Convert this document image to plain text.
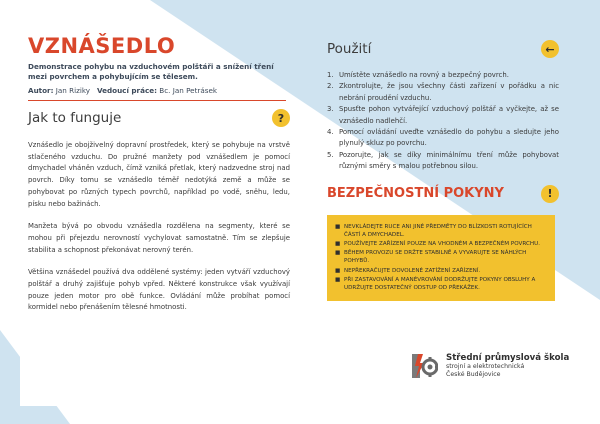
VZNÁŠEDLO

Demonstrace pohybu na vzduchovém polštáři a snížení tření mezi povrchem a pohybujícím se tělesem.

Autor: Jan Riziky Vedoucí práce: Bc. Jan Petrásek
Jak to funguje	?

Vznášedlo je obojživelný dopravní prostředek, který se pohybuje na vrstvě stlačeného vzduchu. Do pružné manžety pod vznášedlem je pomocí dmychadel vháněn vzduch, čímž vzniká přetlak, který nadzvedne stroj nad povrch. Díky tomu se vznášedlo téměř nedotýká země a může se pohybovat po různých typech povrchů, například po vodě, sněhu, ledu, písku nebo bažinách.

Manžeta bývá po obvodu vznášedla rozdělena na segmenty, které se mohou při přejezdu nerovností vychylovat samostatně. Tím se zlepšuje stabilita a schopnost překonávat nerovný terén.

Většina vznášedel používá dva oddělené systémy: jeden vytváří vzduchový polštář a druhý zajišťuje pohyb vpřed. Některé konstrukce však využívají pouze jeden motor pro obě funkce. Ovládání může probíhat pomocí kormidel nebo přenášením tělesné hmotnosti.

Použití	←
1. Umístěte vznášedlo na rovný a bezpečný povrch.
2. Zkontrolujte, že jsou všechny části zařízení v pořádku a nic nebrání proudění vzduchu.
3. Spusťte pohon vytvářející vzduchový polštář a vyčkejte, až se vznášedlo nadlehčí.
4. Pomocí ovládání uveďte vznášedlo do pohybu a sledujte jeho plynulý skluz po povrchu.
5. Pozorujte, jak se díky minimálnímu tření může pohybovat různými směry s malou potřebnou silou.
BEZPEČNOSTNÍ POKYNY	!
■ NEVKLÁDEJTE RUCE ANI JINÉ PŘEDMĚTY DO BLÍZKOSTI ROTUJÍCÍCH ČÁSTÍ A DMYCHADEL.
■ POUŽÍVEJTE ZAŘÍZENÍ POUZE NA VHODNÉM A BEZPEČNÉM POVRCHU.
■ BĚHEM PROVOZU SE DRŽTE STABILNĚ A VYVARUJTE SE NÁHLÝCH POHYBŮ.
■ NEPŘEKRAČUJTE DOVOLENÉ ZATÍŽENÍ ZAŘÍZENÍ.
■ PŘI ZASTAVOVÁNÍ A MANÉVROVÁNÍ DODRŽUJTE POKYNY OBSLUHY A UDRŽUJTE DOSTATEČNÝ ODSTUP OD PŘEKÁŽEK.
Střední průmyslová škola
strojní a elektrotechnická
České Budějovice
